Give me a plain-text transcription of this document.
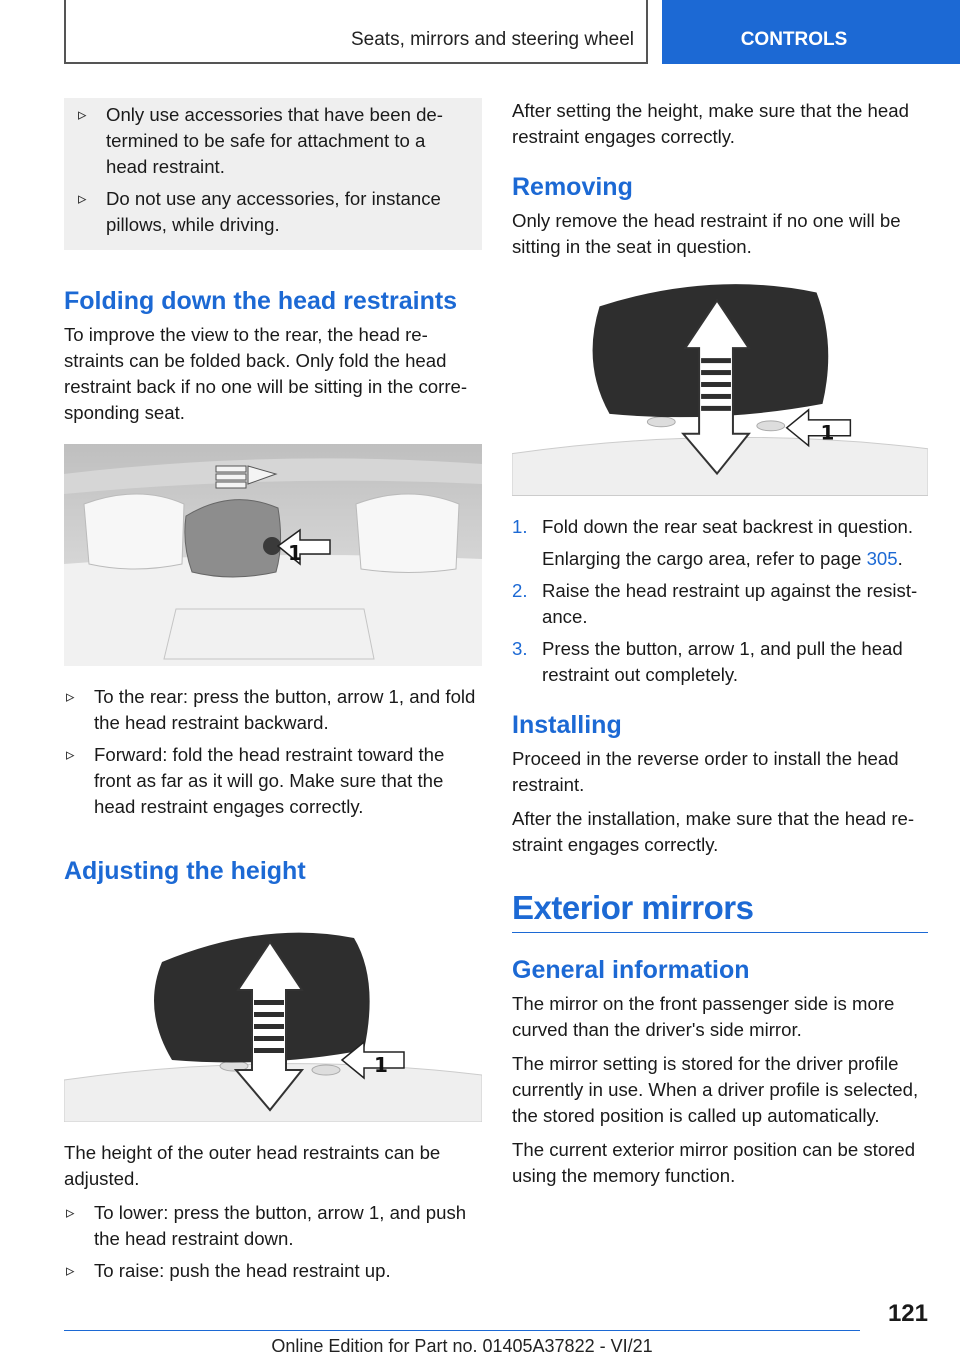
Seats, mirrors and steering wheel	CONTROLS
▹ Only use accessories that have been de-termined to be safe for attachment to a head restraint.
▹ Do not use any accessories, for instance pillows, while driving.
Folding down the head restraints

To improve the view to the rear, the head re-straints can be folded back. Only fold the head restraint back if no one will be sitting in the corre-sponding seat.

1
▹ To the rear: press the button, arrow 1, and fold the head restraint backward.
▹ Forward: fold the head restraint toward the front as far as it will go. Make sure that the head restraint engages correctly.
Adjusting the height
1

The height of the outer head restraints can be adjusted.

▹ To lower: press the button, arrow 1, and push the head restraint down.
▹ To raise: push the head restraint up.

After setting the height, make sure that the head restraint engages correctly.

Removing

Only remove the head restraint if no one will be sitting in the seat in question.

1
1. Fold down the rear seat backrest in question.
Enlarging the cargo area, refer to page 305.
2. Raise the head restraint up against the resist-ance.
3. Press the button, arrow 1, and pull the head restraint out completely.
Installing

Proceed in the reverse order to install the head restraint.

After the installation, make sure that the head re-straint engages correctly.

Exterior mirrors
General information

The mirror on the front passenger side is more curved than the driver's side mirror.

The mirror setting is stored for the driver profile currently in use. When a driver profile is selected, the stored position is called up automatically.

The current exterior mirror position can be stored using the memory function.

121
Online Edition for Part no. 01405A37822 - VI/21
